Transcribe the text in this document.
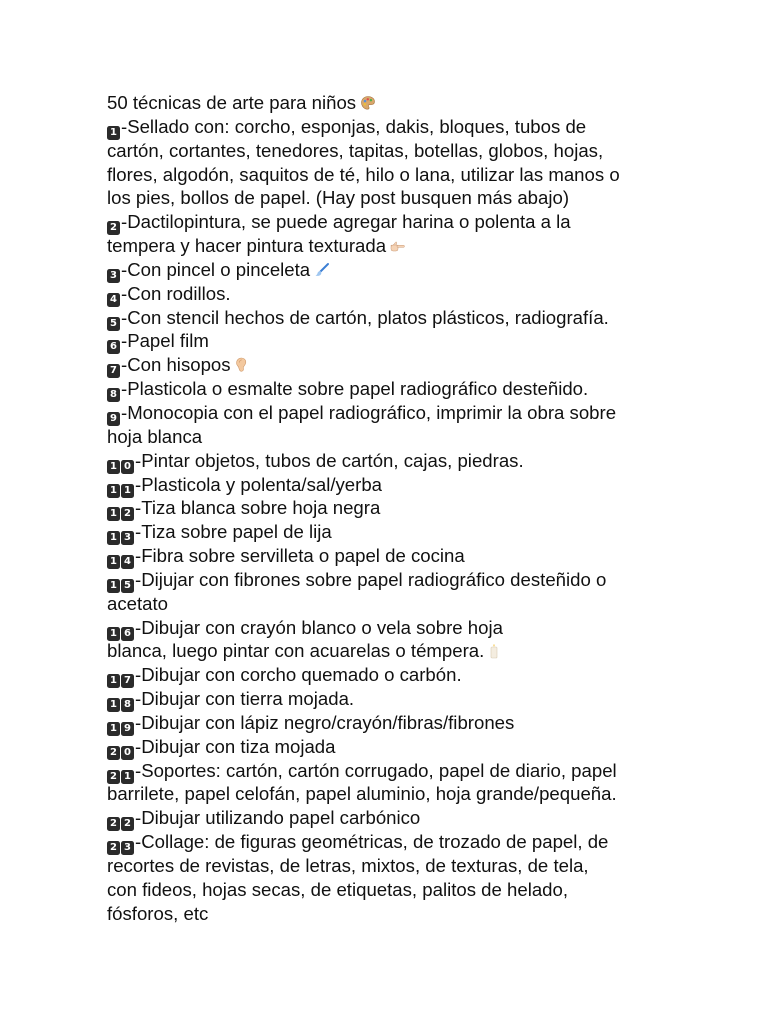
50 técnicas de arte para niños
1 -Sellado con: corcho, esponjas, dakis, bloques, tubos de
cartón, cortantes, tenedores, tapitas, botellas, globos, hojas,
flores, algodón, saquitos de té, hilo o lana, utilizar las manos o
los pies, bollos de papel. (Hay post busquen más abajo)
2 -Dactilopintura, se puede agregar harina o polenta a la
tempera y hacer pintura texturada
3 -Con pincel o pinceleta
4 -Con rodillos.
5 -Con stencil hechos de cartón, platos plásticos, radiografía.
6 -Papel film
7 -Con hisopos
8 -Plasticola o esmalte sobre papel radiográfico desteñido.
9 -Monocopia con el papel radiográfico, imprimir la obra sobre
hoja blanca
1 0 -Pintar objetos, tubos de cartón, cajas, piedras.
1 1 -Plasticola y polenta/sal/yerba
1 2 -Tiza blanca sobre hoja negra
1 3 -Tiza sobre papel de lija
1 4 -Fibra sobre servilleta o papel de cocina
1 5 -Dijujar con fibrones sobre papel radiográfico desteñido o
acetato
1 6 -Dibujar con crayón blanco o vela sobre hoja
blanca, luego pintar con acuarelas o témpera.
1 7 -Dibujar con corcho quemado o carbón.
1 8 -Dibujar con tierra mojada.
1 9 -Dibujar con lápiz negro/crayón/fibras/fibrones
2 0 -Dibujar con tiza mojada
2 1 -Soportes: cartón, cartón corrugado, papel de diario, papel
barrilete, papel celofán, papel aluminio, hoja grande/pequeña.
2 2 -Dibujar utilizando papel carbónico
2 3 -Collage: de figuras geométricas, de trozado de papel, de
recortes de revistas, de letras, mixtos, de texturas, de tela,
con fideos, hojas secas, de etiquetas, palitos de helado,
fósforos, etc
